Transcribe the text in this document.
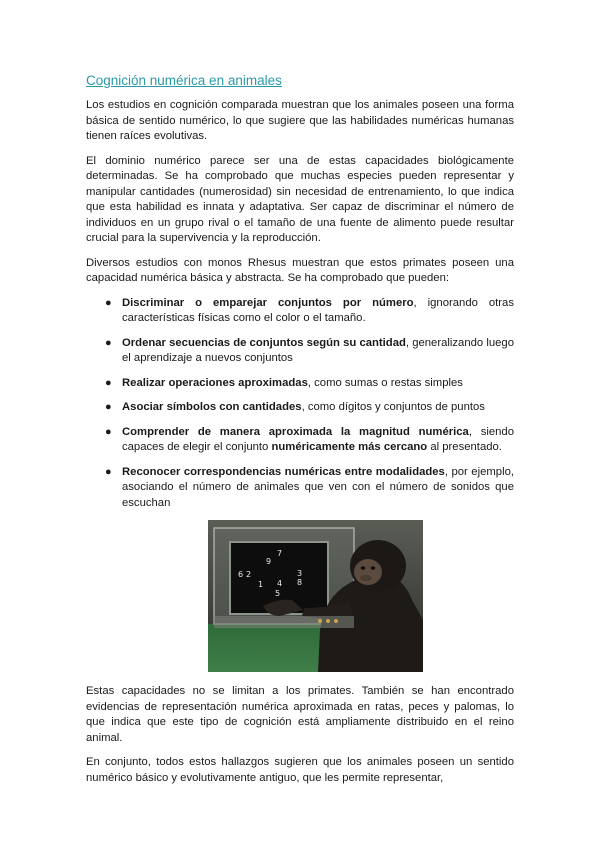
Cognición numérica en animales

Los estudios en cognición comparada muestran que los animales poseen una forma básica de sentido numérico, lo que sugiere que las habilidades numéricas humanas tienen raíces evolutivas.

El dominio numérico parece ser una de estas capacidades biológicamente determinadas. Se ha comprobado que muchas especies pueden representar y manipular cantidades (numerosidad) sin necesidad de entrenamiento, lo que indica que esta habilidad es innata y adaptativa. Ser capaz de discriminar el número de individuos en un grupo rival o el tamaño de una fuente de alimento puede resultar crucial para la supervivencia y la reproducción.

Diversos estudios con monos Rhesus muestran que estos primates poseen una capacidad numérica básica y abstracta. Se ha comprobado que pueden:

● Discriminar o emparejar conjuntos por número, ignorando otras características físicas como el color o el tamaño.
● Ordenar secuencias de conjuntos según su cantidad, generalizando luego el aprendizaje a nuevos conjuntos
● Realizar operaciones aproximadas, como sumas o restas simples
● Asociar símbolos con cantidades, como dígitos y conjuntos de puntos
● Comprender de manera aproximada la magnitud numérica, siendo capaces de elegir el conjunto numéricamente más cercano al presentado.
● Reconocer correspondencias numéricas entre modalidades, por ejemplo, asociando el número de animales que ven con el número de sonidos que escuchan
7
9
6 2
1 4
3
8
5

Estas capacidades no se limitan a los primates. También se han encontrado evidencias de representación numérica aproximada en ratas, peces y palomas, lo que indica que este tipo de cognición está ampliamente distribuido en el reino animal.

En conjunto, todos estos hallazgos sugieren que los animales poseen un sentido numérico básico y evolutivamente antiguo, que les permite representar,
